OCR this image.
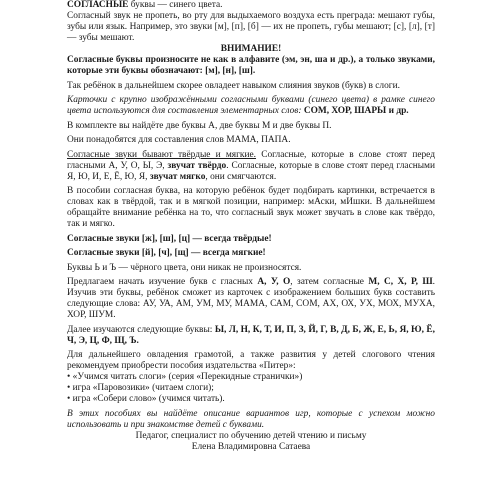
СОГЛАСНЫЕ буквы — синего цвета.

Согласный звук не пропеть, во рту для выдыхаемого воздуха есть преграда: мешают губы, зубы или язык. Например, это звуки [м], [п], [б] — их не пропеть, губы мешают; [с], [л], [т] — зубы мешают.

ВНИМАНИЕ!

Согласные буквы произносите не как в алфавите (эм, эн, ша и др.), а только звуками, которые эти буквы обозначают: [м], [н], [ш].

Так ребёнок в дальнейшем скорее овладеет навыком слияния звуков (букв) в слоги.

Карточки с крупно изображёнными согласными буквами (синего цвета) в рамке синего цвета используются для составления элементарных слов: СОМ, ХОР, ШАРЫ и др.

В комплекте вы найдёте две буквы А, две буквы М и две буквы П.

Они понадобятся для составления слов МАМА, ПАПА.

Согласные звуки бывают твёрдые и мягкие. Согласные, которые в слове стоят перед гласными А, У, О, Ы, Э, звучат твёрдо. Согласные, которые в слове стоят перед гласными Я, Ю, И, Е, Ё, Ю, Я, звучат мягко, они смягчаются.

В пособии согласная буква, на которую ребёнок будет подбирать картинки, встречается в словах как в твёрдой, так и в мягкой позиции, например: мАски, мИшки. В дальнейшем обращайте внимание ребёнка на то, что согласный звук может звучать в слове как твёрдо, так и мягко.

Согласные звуки [ж], [ш], [ц] — всегда твёрдые!

Согласные звуки [й], [ч], [щ] — всегда мягкие!

Буквы Ь и Ъ — чёрного цвета, они никак не произносятся.

Предлагаем начать изучение букв с гласных А, У, О, затем согласные М, С, Х, Р, Ш. Изучив эти буквы, ребёнок сможет из карточек с изображением больших букв составить следующие слова: АУ, УА, АМ, УМ, МУ, МАМА, САМ, СОМ, АХ, ОХ, УХ, МОХ, МУХА, ХОР, ШУМ.

Далее изучаются следующие буквы: Ы, Л, Н, К, Т, И, П, З, Й, Г, В, Д, Б, Ж, Е, Ь, Я, Ю, Ё, Ч, Э, Ц, Ф, Щ, Ъ.

Для дальнейшего овладения грамотой, а также развития у детей слогового чтения рекомендуем приобрести пособия издательства «Питер»:

• «Учимся читать слоги» (серия «Перекидные странички»)
• игра «Паровозики» (читаем слоги);
• игра «Собери слово» (учимся читать).

В этих пособиях вы найдёте описание вариантов игр, которые с успехом можно использовать и при знакомстве детей с буквами.

Педагог, специалист по обучению детей чтению и письму

Елена Владимировна Сатаева
